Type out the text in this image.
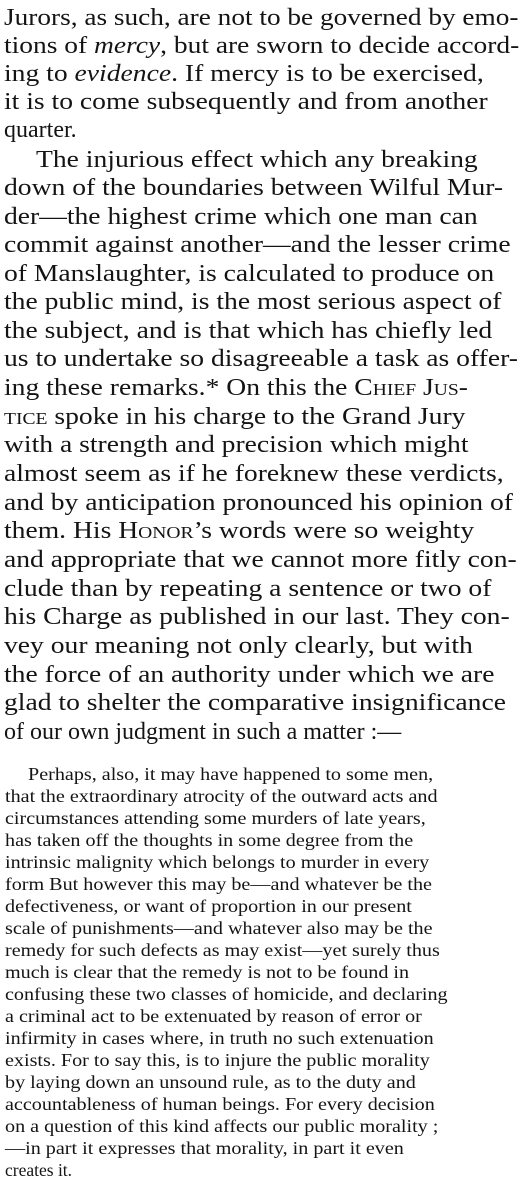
Jurors, as such, are not to be governed by emo-
tions of mercy, but are sworn to decide accord-
ing to evidence. If mercy is to be exercised,
it is to come subsequently and from another
quarter.
The injurious effect which any breaking
down of the boundaries between Wilful Mur-
der—the highest crime which one man can
commit against another—and the lesser crime
of Manslaughter, is calculated to produce on
the public mind, is the most serious aspect of
the subject, and is that which has chiefly led
us to undertake so disagreeable a task as offer-
ing these remarks.* On this the Chief Jus-
tice spoke in his charge to the Grand Jury
with a strength and precision which might
almost seem as if he foreknew these verdicts,
and by anticipation pronounced his opinion of
them. His Honor’s words were so weighty
and appropriate that we cannot more fitly con-
clude than by repeating a sentence or two of
his Charge as published in our last. They con-
vey our meaning not only clearly, but with
the force of an authority under which we are
glad to shelter the comparative insignificance
of our own judgment in such a matter :—
Perhaps, also, it may have happened to some men,
that the extraordinary atrocity of the outward acts and
circumstances attending some murders of late years,
has taken off the thoughts in some degree from the
intrinsic malignity which belongs to murder in every
form But however this may be—and whatever be the
defectiveness, or want of proportion in our present
scale of punishments—and whatever also may be the
remedy for such defects as may exist—yet surely thus
much is clear that the remedy is not to be found in
confusing these two classes of homicide, and declaring
a criminal act to be extenuated by reason of error or
infirmity in cases where, in truth no such extenuation
exists. For to say this, is to injure the public morality
by laying down an unsound rule, as to the duty and
accountableness of human beings. For every decision
on a question of this kind affects our public morality ;
—in part it expresses that morality, in part it even
creates it.
